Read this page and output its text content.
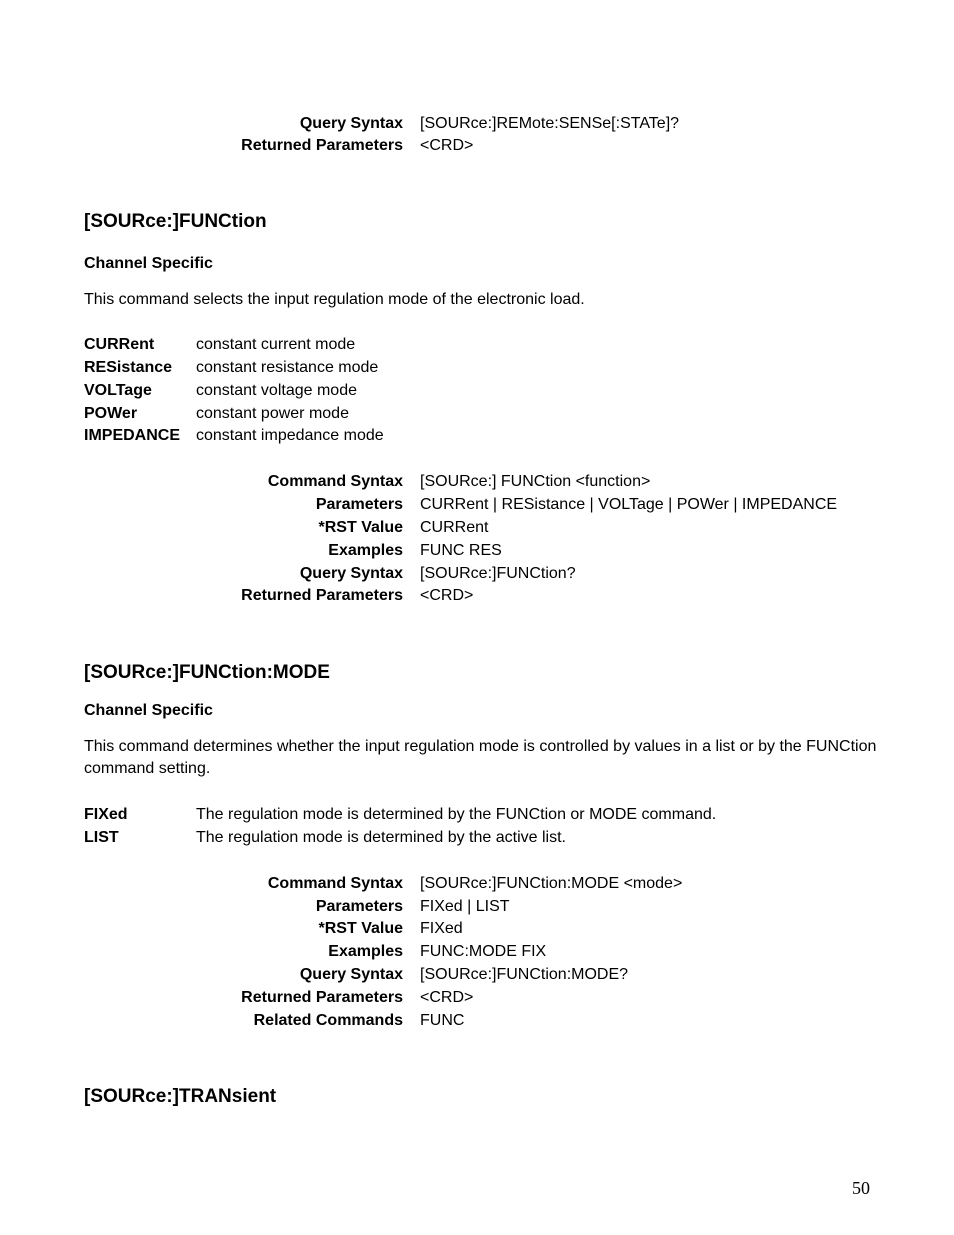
Query Syntax [SOURce:]REMote:SENSe[:STATe]?
Returned Parameters <CRD>
[SOURce:]FUNCtion
Channel Specific
This command selects the input regulation mode of the electronic load.
CURRent	constant current mode
RESistance constant resistance mode
VOLTage	constant voltage mode
POWer	constant power mode
IMPEDANCE constant impedance mode
Command Syntax [SOURce:] FUNCtion <function>
Parameters CURRent | RESistance | VOLTage | POWer | IMPEDANCE
*RST Value CURRent
Examples FUNC RES
Query Syntax [SOURce:]FUNCtion?
Returned Parameters <CRD>
[SOURce:]FUNCtion:MODE
Channel Specific
This command determines whether the input regulation mode is controlled by values in a list or by the FUNCtion command setting.
FIXed	The regulation mode is determined by the FUNCtion or MODE command.
LIST	The regulation mode is determined by the active list.
Command Syntax [SOURce:]FUNCtion:MODE <mode>
Parameters FIXed | LIST
*RST Value FIXed
Examples FUNC:MODE FIX
Query Syntax [SOURce:]FUNCtion:MODE?
Returned Parameters <CRD>
Related Commands FUNC
[SOURce:]TRANsient
50
